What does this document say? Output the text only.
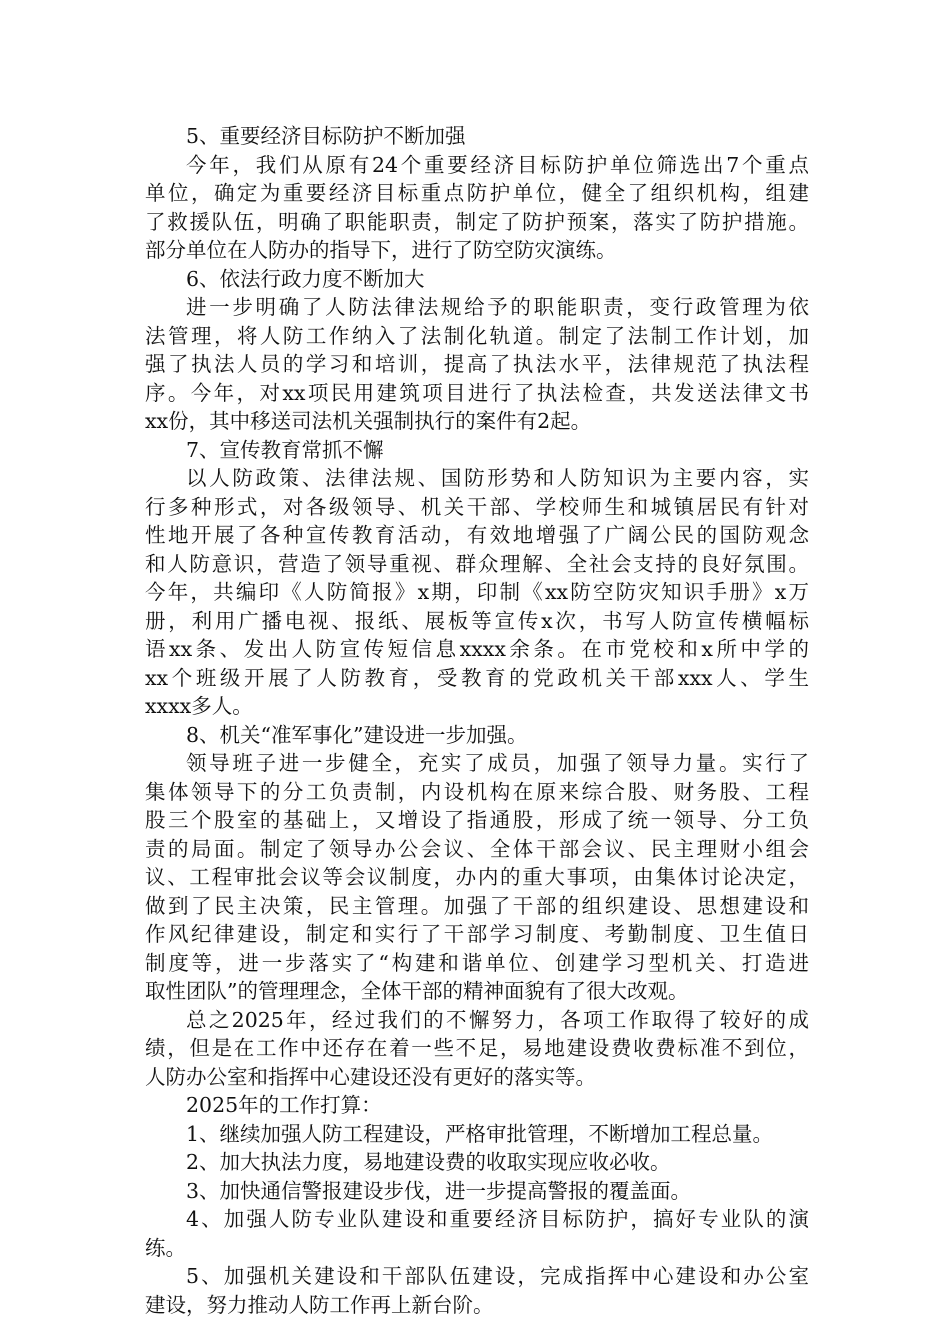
5、重要经济目标防护不断加强
今年，我们从原有24个重要经济目标防护单位筛选出7个重点
单位，确定为重要经济目标重点防护单位，健全了组织机构，组建
了救援队伍，明确了职能职责，制定了防护预案，落实了防护措施。
部分单位在人防办的指导下，进行了防空防灾演练。
6、依法行政力度不断加大
进一步明确了人防法律法规给予的职能职责，变行政管理为依
法管理，将人防工作纳入了法制化轨道。制定了法制工作计划，加
强了执法人员的学习和培训，提高了执法水平，法律规范了执法程
序。今年，对xx项民用建筑项目进行了执法检查，共发送法律文书
xx份，其中移送司法机关强制执行的案件有2起。
7、宣传教育常抓不懈
以人防政策、法律法规、国防形势和人防知识为主要内容，实
行多种形式，对各级领导、机关干部、学校师生和城镇居民有针对
性地开展了各种宣传教育活动，有效地增强了广阔公民的国防观念
和人防意识，营造了领导重视、群众理解、全社会支持的良好氛围。
今年，共编印《人防简报》x期，印制《xx防空防灾知识手册》x万
册，利用广播电视、报纸、展板等宣传x次，书写人防宣传横幅标
语xx条、发出人防宣传短信息xxxx余条。在市党校和x所中学的
xx个班级开展了人防教育，受教育的党政机关干部xxx人、学生
xxxx多人。
8、机关“准军事化”建设进一步加强。
领导班子进一步健全，充实了成员，加强了领导力量。实行了
集体领导下的分工负责制，内设机构在原来综合股、财务股、工程
股三个股室的基础上，又增设了指通股，形成了统一领导、分工负
责的局面。制定了领导办公会议、全体干部会议、民主理财小组会
议、工程审批会议等会议制度，办内的重大事项，由集体讨论决定，
做到了民主决策，民主管理。加强了干部的组织建设、思想建设和
作风纪律建设，制定和实行了干部学习制度、考勤制度、卫生值日
制度等，进一步落实了“构建和谐单位、创建学习型机关、打造进
取性团队”的管理理念，全体干部的精神面貌有了很大改观。
总之2025年，经过我们的不懈努力，各项工作取得了较好的成
绩，但是在工作中还存在着一些不足，易地建设费收费标准不到位，
人防办公室和指挥中心建设还没有更好的落实等。
2025年的工作打算：
1、继续加强人防工程建设，严格审批管理，不断增加工程总量。
2、加大执法力度，易地建设费的收取实现应收必收。
3、加快通信警报建设步伐，进一步提高警报的覆盖面。
4、加强人防专业队建设和重要经济目标防护，搞好专业队的演
练。
5、加强机关建设和干部队伍建设，完成指挥中心建设和办公室
建设，努力推动人防工作再上新台阶。
